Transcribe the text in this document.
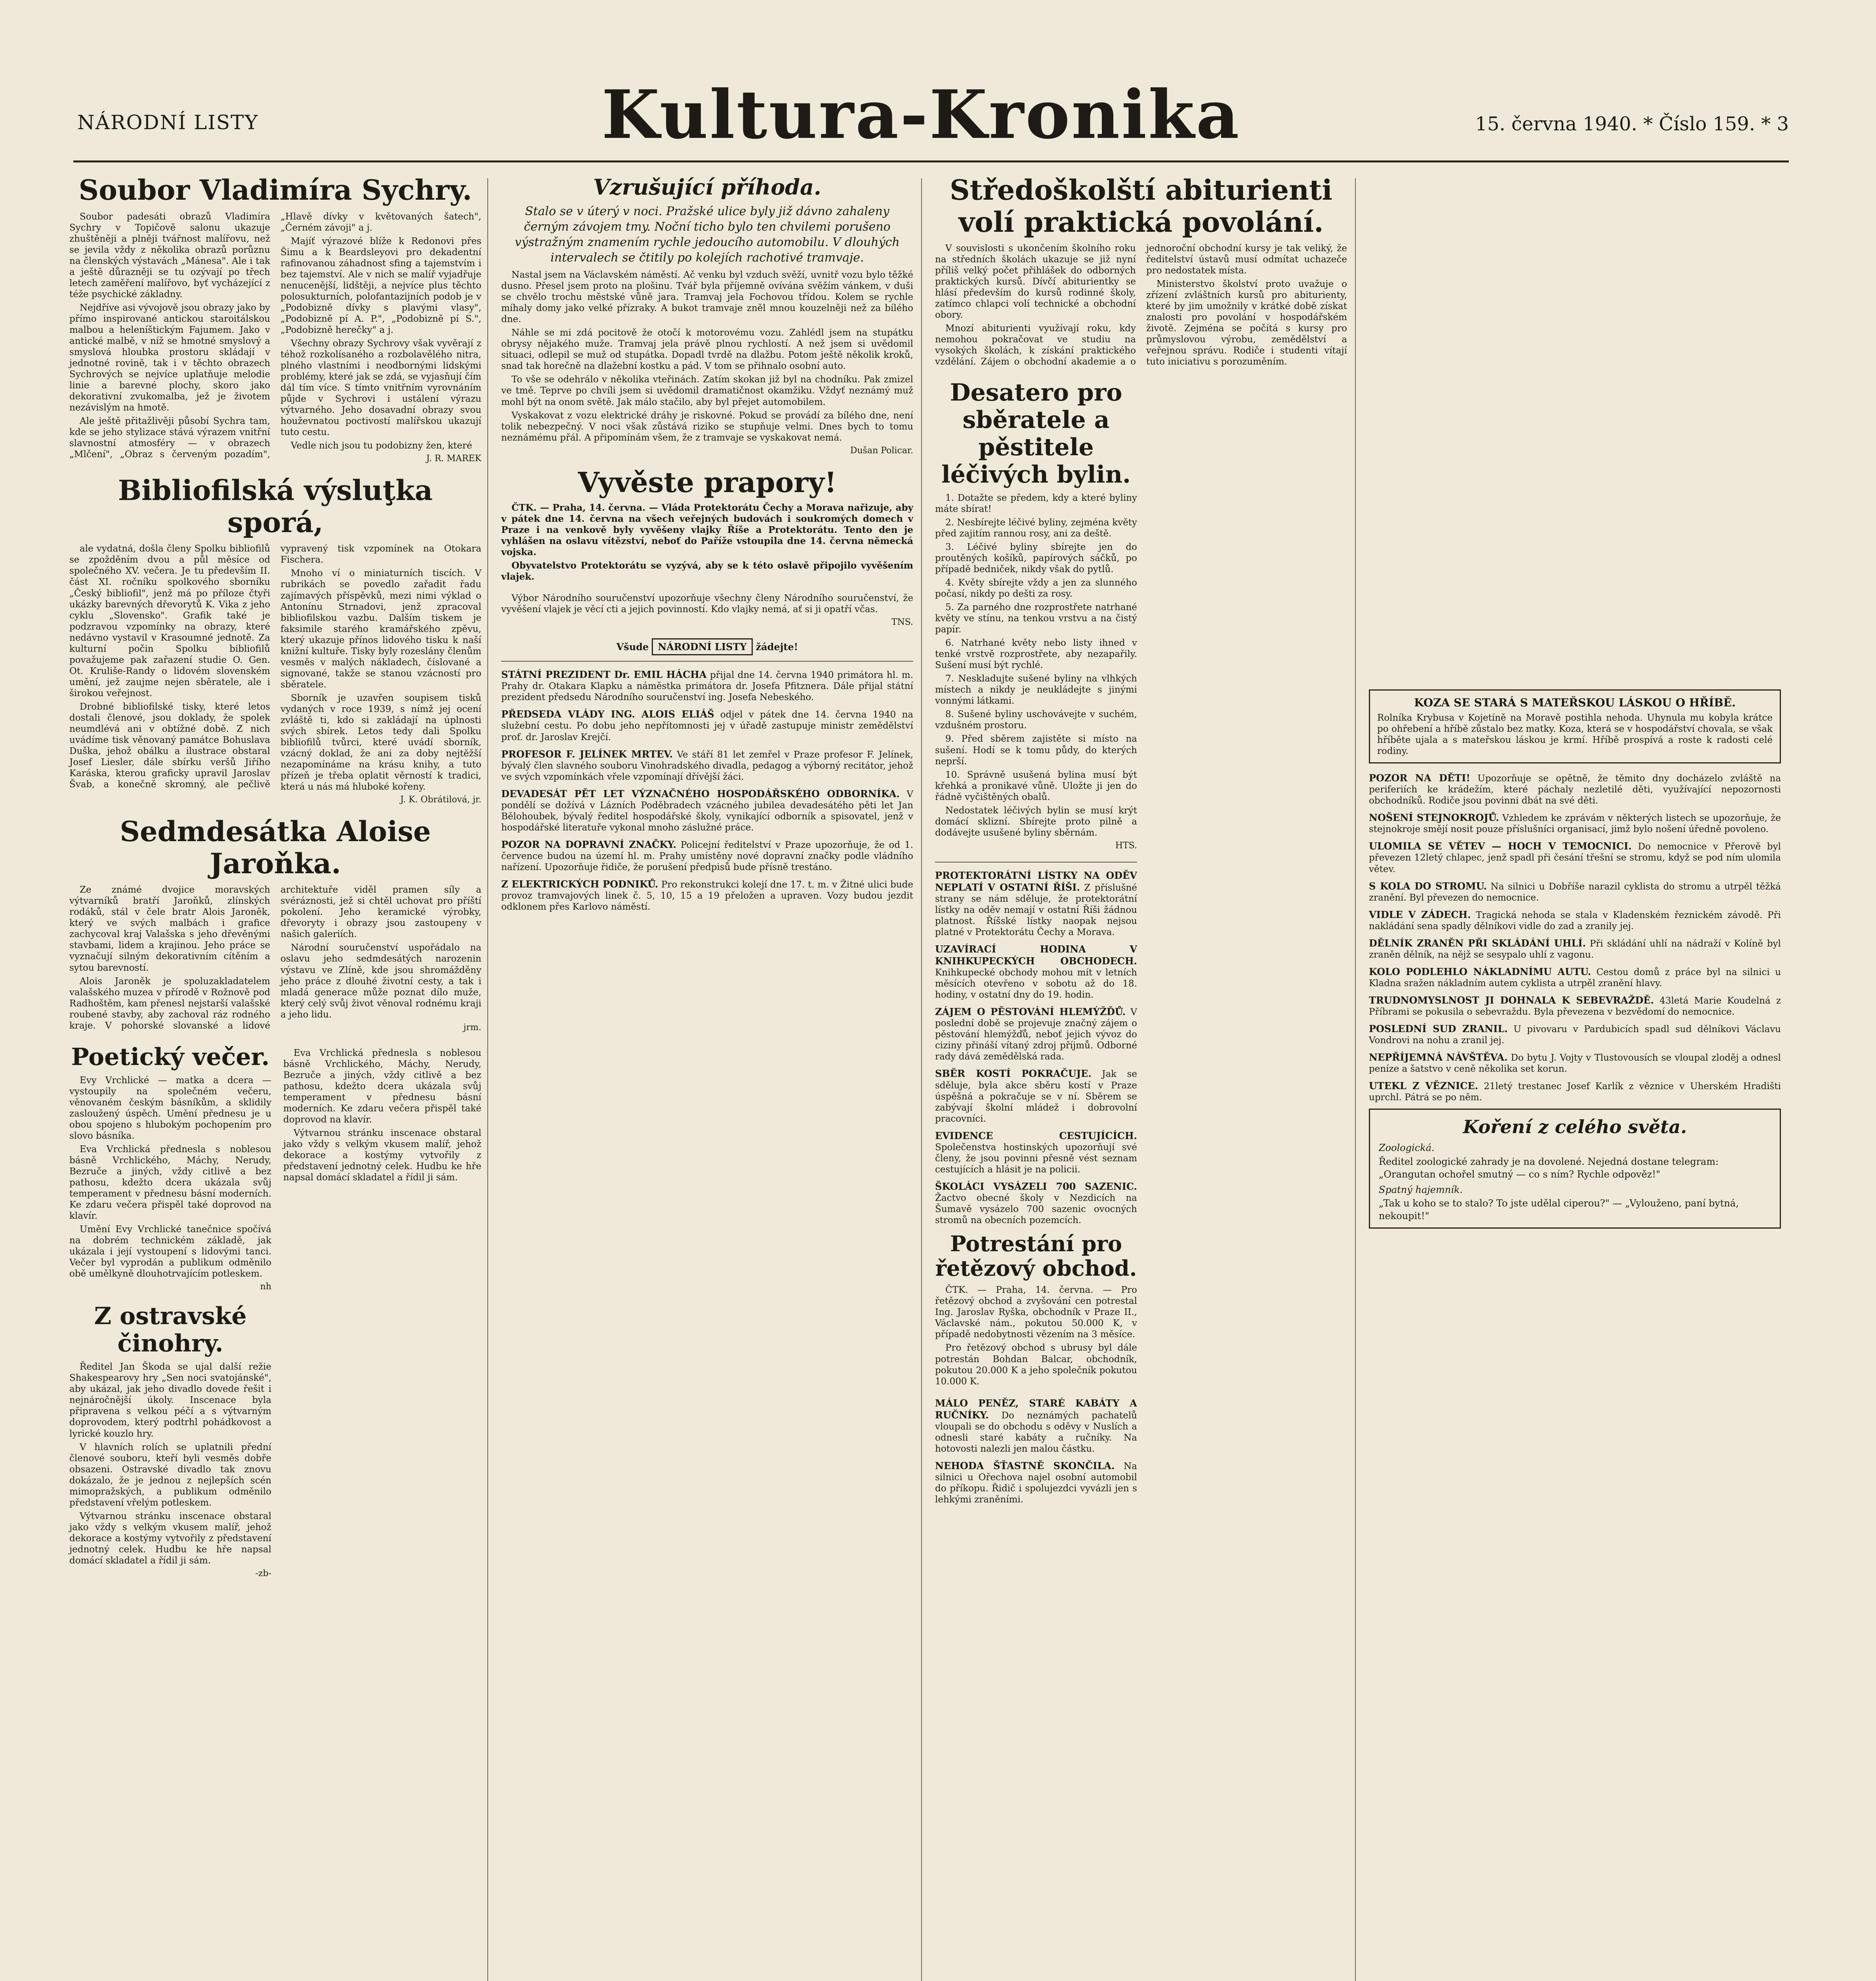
NÁRODNÍ LISTY	Kultura-Kronika	15. června 1940. * Číslo 159. * 3
Soubor Vladimíra Sychry.

Soubor padesáti obrazů Vladimíra Sychry v Topičově salonu ukazuje zhuštěněji a plněji tvářnost malířovu, než se jevila vždy z několika obrazů porůznu na členských výstavách „Mánesa". Ale i tak a ještě důrazněji se tu ozývají po třech letech zaměření malířovo, byť vycházející z téže psychické základny.

Nejdříve asi vývojově jsou obrazy jako by přímo inspirované antickou staroitálskou malbou a heleníštickým Fajumem. Jako v antické malbě, v níž se hmotné smyslový a smyslová hloubka prostoru skládají v jednotné rovině, tak i v těchto obrazech Sychrových se nejvíce uplatňuje melodie linie a barevné plochy, skoro jako dekorativní zvukomalba, jež je životem nezávislým na hmotě.

Ale ještě přitažlivěji působí Sychra tam, kde se jeho stylizace stává výrazem vnitřní slavnostní atmosféry — v obrazech „Mlčení", „Obraz s červeným pozadím", „Hlavě dívky v květovaných šatech", „Černém závoji" a j.

Majíť výrazové blíže k Redonovi přes Šimu a k Beardsleyovi pro dekadentní rafinovanou záhadnost sfing a tajemstvím i bez tajemství. Ale v nich se malíř vyjadřuje nenucenější, lidštěji, a nejvíce plus těchto polosukturních, polofantazijních podob je v „Podobizně dívky s plavými vlasy", „Podobizně pí A. P.", „Podobizně pí S.", „Podobizně herečky" a j.

Všechny obrazy Sychrovy však vyvěrají z téhož rozkolísaného a rozbolavělého nitra, plného vlastními i neodbornými lidskými problémy, které jak se zdá, se vyjasňují čím dál tím více. S tímto vnitřním vyrovnáním půjde v Sychrovi i ustálení výrazu výtvarného. Jeho dosavadní obrazy svou houževnatou poctivostí malířskou ukazují tuto cestu.

Vedle nich jsou tu podobizny žen, které

J. R. MAREK
Bibliofilská výsluţka sporá,

ale vydatná, došla členy Spolku bibliofilů se zpožděním dvou a půl měsíce od společného XV. večera. Je tu především II. část XI. ročníku spolkového sborníku „Český bibliofil", jenž má po příloze čtyři ukázky barevných dřevorytů K. Vika z jeho cyklu „Slovensko". Grafik také je podzravou vzpomínky na obrazy, které nedávno vystavil v Krasoumné jednotě. Za kulturní počin Spolku bibliofilů považujeme pak zařazení studie O. Gen. Ot. Kruliše-Randy o lidovém slovenském umění, jež zaujme nejen sběratele, ale i širokou veřejnost.

Drobné bibliofilské tisky, které letos dostali členové, jsou doklady, že spolek neumdlévá ani v obtížné době. Z nich uvádíme tisk věnovaný památce Bohuslava Duška, jehož obálku a ilustrace obstaral Josef Liesler, dále sbírku veršů Jiřího Karáska, kterou graficky upravil Jaroslav Švab, a konečně skromný, ale pečlivě vypravený tisk vzpomínek na Otokara Fischera.

Mnoho ví o miniaturních tiscích. V rubrikách se povedlo zařadit řadu zajímavých příspěvků, mezi nimi výklad o Antonínu Strnadovi, jenž zpracoval bibliofilskou vazbu. Dalším tiskem je faksimile starého kramářského zpěvu, který ukazuje přínos lidového tisku k naší knižní kultuře. Tisky byly rozeslány členům vesměs v malých nákladech, číslované a signované, takže se stanou vzácností pro sběratele.

Sborník je uzavřen soupisem tisků vydaných v roce 1939, s nímž jej ocení zvláště ti, kdo si zakládají na úplnosti svých sbírek. Letos tedy dali Spolku bibliofilů tvůrci, které uvádí sborník, vzácný doklad, že ani za doby nejtěžší nezapomínáme na krásu knihy, a tuto přízeň je třeba oplatit věrností k tradici, která u nás má hluboké kořeny.

J. K. Obrátilová, jr.
Sedmdesátka Aloise Jaroňka.

Ze známé dvojice moravských výtvarníků bratří Jaroňků, zlínských rodáků, stál v čele bratr Alois Jaroněk, který ve svých malbách i grafice zachycoval kraj Valašska s jeho dřevěnými stavbami, lidem a krajinou. Jeho práce se vyznačují silným dekorativním cítěním a sytou barevností.

Alois Jaroněk je spoluzakladatelem valašského muzea v přírodě v Rožnově pod Radhoštěm, kam přenesl nejstarší valašské roubené stavby, aby zachoval ráz rodného kraje. V pohorské slovanské a lidové architektuře viděl pramen síly a svéráznosti, jež si chtěl uchovat pro příští pokolení. Jeho keramické výrobky, dřevoryty i obrazy jsou zastoupeny v našich galeriích.

Národní souručenství uspořádalo na oslavu jeho sedmdesátých narozenin výstavu ve Zlíně, kde jsou shromážděny jeho práce z dlouhé životní cesty, a tak i mladá generace může poznat dílo muže, který celý svůj život věnoval rodnému kraji a jeho lidu.

jrm.
Poetický večer.

Evy Vrchlické — matka a dcera — vystoupily na společném večeru, věnovaném českým básníkům, a sklidily zasloužený úspěch. Umění přednesu je u obou spojeno s hlubokým pochopením pro slovo básníka.

Eva Vrchlická přednesla s noblesou básně Vrchlického, Máchy, Nerudy, Bezruče a jiných, vždy citlivě a bez pathosu, kdežto dcera ukázala svůj temperament v přednesu básní moderních. Ke zdaru večera přispěl také doprovod na klavír.

Umění Evy Vrchlické tanečnice spočívá na dobrém technickém základě, jak ukázala i její vystoupení s lidovými tanci. Večer byl vyprodán a publikum odměnilo obě umělkyně dlouhotrvajícím potleskem.

nh
Z ostravské činohry.

Ředitel Jan Škoda se ujal další režie Shakespearovy hry „Sen noci svatojánské", aby ukázal, jak jeho divadlo dovede řešit i nejnáročnější úkoly. Inscenace byla připravena s velkou péčí a s výtvarným doprovodem, který podtrhl pohádkovost a lyrické kouzlo hry.

V hlavních rolích se uplatnili přední členové souboru, kteří byli vesměs dobře obsazeni. Ostravské divadlo tak znovu dokázalo, že je jednou z nejlepších scén mimopražských, a publikum odměnilo představení vřelým potleskem.

Výtvarnou stránku inscenace obstaral jako vždy s velkým vkusem malíř, jehož dekorace a kostýmy vytvořily z představení jednotný celek. Hudbu ke hře napsal domácí skladatel a řídil ji sám.

-zb-

Eva Vrchlická přednesla s noblesou básně Vrchlického, Máchy, Nerudy, Bezruče a jiných, vždy citlivě a bez pathosu, kdežto dcera ukázala svůj temperament v přednesu básní moderních. Ke zdaru večera přispěl také doprovod na klavír.

Výtvarnou stránku inscenace obstaral jako vždy s velkým vkusem malíř, jehož dekorace a kostýmy vytvořily z představení jednotný celek. Hudbu ke hře napsal domácí skladatel a řídil ji sám.

Vzrušující příhoda.
Stalo se v úterý v noci. Pražské ulice byly již dávno zahaleny černým závojem tmy. Noční ticho bylo ten chvilemi porušeno výstražným znamením rychle jedoucího automobilu. V dlouhých intervalech se čtitily po kolejích rachotivé tramvaje.

Nastal jsem na Václavském náměstí. Ač venku byl vzduch svěží, uvnitř vozu bylo těžké dusno. Přesel jsem proto na plošinu. Tvář byla příjemně ovívána svěžím vánkem, v duši se chvělo trochu městské vůně jara. Tramvaj jela Fochovou třídou. Kolem se rychle míhaly domy jako velké přízraky. A bukot tramvaje zněl mnou kouzelněji než za bílého dne.

Náhle se mi zdá pocitově že otočí k motorovému vozu. Zahlédl jsem na stupátku obrysy nějakého muže. Tramvaj jela právě plnou rychlostí. A než jsem si uvědomil situaci, odlepil se muž od stupátka. Dopadl tvrdě na dlažbu. Potom ještě několik kroků, snad tak horečně na dlažební kostku a pád. V tom se přihnalo osobní auto.

To vše se odehrálo v několika vteřinách. Zatím skokan již byl na chodníku. Pak zmizel ve tmě. Teprve po chvíli jsem si uvědomil dramatičnost okamžiku. Vždyť neznámý muž mohl být na onom světě. Jak málo stačilo, aby byl přejet automobilem.

Vyskakovat z vozu elektrické dráhy je riskovné. Pokud se provádí za bílého dne, není tolik nebezpečný. V noci však zůstává riziko se stupňuje velmi. Dnes bych to tomu neznámému přál. A připomínám všem, že z tramvaje se vyskakovat nemá.

Dušan Policar.
Vyvěste prapory!

ČTK. — Praha, 14. června. — Vláda Protektorátu Čechy a Morava nařizuje, aby v pátek dne 14. června na všech veřejných budovách i soukromých domech v Praze i na venkově byly vyvěšeny vlajky Říše a Protektorátu. Tento den je vyhlášen na oslavu vítězství, neboť do Paříže vstoupila dne 14. června německá vojska.

Obyvatelstvo Protektorátu se vyzývá, aby se k této oslavě připojilo vyvěšením vlajek.

Výbor Národního souručenství upozorňuje všechny členy Národního souručenství, že vyvěšení vlajek je věcí cti a jejich povinností. Kdo vlajky nemá, ať si ji opatří včas.

TNS.
Všude NÁRODNÍ LISTY žádejte!

STÁTNÍ PREZIDENT Dr. EMIL HÁCHA přijal dne 14. června 1940 primátora hl. m. Prahy dr. Otakara Klapku a náměstka primátora dr. Josefa Pfitznera. Dále přijal státní prezident předsedu Národního souručenství ing. Josefa Nebeského.

PŘEDSEDA VLÁDY ING. ALOIS ELIÁŠ odjel v pátek dne 14. června 1940 na služební cestu. Po dobu jeho nepřítomnosti jej v úřadě zastupuje ministr zemědělství prof. dr. Jaroslav Krejčí.

PROFESOR F. JELÍNEK MRTEV. Ve stáří 81 let zemřel v Praze profesor F. Jelínek, bývalý člen slavného souboru Vinohradského divadla, pedagog a výborný recitátor, jehož ve svých vzpomínkách vřele vzpomínají dřívější žáci.

DEVADESÁT PĚT LET VÝZNAČNÉHO HOSPODÁŘSKÉHO ODBORNÍKA. V pondělí se dožívá v Lázních Poděbradech vzácného jubilea devadesátého pěti let Jan Bělohoubek, bývalý ředitel hospodářské školy, vynikající odborník a spisovatel, jenž v hospodářské literatuře vykonal mnoho záslužné práce.

POZOR NA DOPRAVNÍ ZNAČKY. Policejní ředitelství v Praze upozorňuje, že od 1. července budou na území hl. m. Prahy umístěny nové dopravní značky podle vládního nařízení. Upozorňuje řidiče, že porušení předpisů bude přísně trestáno.

Z ELEKTRICKÝCH PODNIKŮ. Pro rekonstrukci kolejí dne 17. t. m. v Žitné ulici bude provoz tramvajových linek č. 5, 10, 15 a 19 přeložen a upraven. Vozy budou jezdit odklonem přes Karlovo náměstí.

Středoškolští abiturienti volí praktická povolání.

V souvislosti s ukončením školního roku na středních školách ukazuje se již nyní příliš velký počet přihlášek do odborných praktických kursů. Dívčí abiturientky se hlásí především do kursů rodinné školy, zatímco chlapci volí technické a obchodní obory.

Mnozí abiturienti využívají roku, kdy nemohou pokračovat ve studiu na vysokých školách, k získání praktického vzdělání. Zájem o obchodní akademie a o jednoroční obchodní kursy je tak veliký, že ředitelství ústavů musí odmítat uchazeče pro nedostatek místa.

Ministerstvo školství proto uvažuje o zřízení zvláštních kursů pro abiturienty, které by jim umožnily v krátké době získat znalosti pro povolání v hospodářském životě. Zejména se počítá s kursy pro průmyslovou výrobu, zemědělství a veřejnou správu. Rodiče i studenti vítají tuto iniciativu s porozuměním.

Desatero pro sběratele a pěstitele léčivých bylin.

1. Dotažte se předem, kdy a které byliny máte sbírat!

2. Nesbírejte léčivé byliny, zejména květy před zajitím rannou rosy, ani za deště.

3. Léčivé byliny sbírejte jen do proutěných košíků, papírových sáčků, po případě bedniček, nikdy však do pytlů.

4. Květy sbírejte vždy a jen za slunného počasí, nikdy po dešti za rosy.

5. Za parného dne rozprostřete natrhané květy ve stínu, na tenkou vrstvu a na čistý papír.

6. Natrhané květy nebo listy ihned v tenké vrstvě rozprostřete, aby nezapařily. Sušení musí být rychlé.

7. Neskladujte sušené byliny na vlhkých místech a nikdy je neukládejte s jinými vonnými látkami.

8. Sušené byliny uschovávejte v suchém, vzdušném prostoru.

9. Před sběrem zajistěte si místo na sušení. Hodí se k tomu půdy, do kterých neprší.

10. Správně usušená bylina musí být křehká a pronikavé vůně. Uložte ji jen do řádně vyčištěných obalů.

Nedostatek léčivých bylin se musí krýt domácí sklizní. Sbírejte proto pilně a dodávejte usušené byliny sběrnám.

HTS.

PROTEKTORÁTNÍ LÍSTKY NA ODĚV NEPLATÍ V OSTATNÍ ŘÍŠI. Z příslušné strany se nám sděluje, že protektorátní lístky na oděv nemají v ostatní Říši žádnou platnost. Říšské lístky naopak nejsou platné v Protektorátu Čechy a Morava.

UZAVÍRACÍ HODINA V KNIHKUPECKÝCH OBCHODECH. Knihkupecké obchody mohou mít v letních měsících otevřeno v sobotu až do 18. hodiny, v ostatní dny do 19. hodin.

ZÁJEM O PĚSTOVÁNÍ HLEMÝŽĎŮ. V poslední době se projevuje značný zájem o pěstování hlemýžďů, neboť jejich vývoz do ciziny přináší vítaný zdroj příjmů. Odborné rady dává zemědělská rada.

SBĚR KOSTÍ POKRAČUJE. Jak se sděluje, byla akce sběru kostí v Praze úspěšná a pokračuje se v ní. Sběrem se zabývají školní mládež i dobrovolní pracovníci.

EVIDENCE CESTUJÍCÍCH. Společenstva hostinských upozorňují své členy, že jsou povinni přesně vést seznam cestujících a hlásit je na policii.

ŠKOLÁCI VYSÁZELI 700 SAZENIC. Žactvo obecné školy v Nezdicích na Šumavě vysázelo 700 sazenic ovocných stromů na obecních pozemcích.

Potrestání pro řetězový obchod.

ČTK. — Praha, 14. června. — Pro řetězový obchod a zvyšování cen potrestal Ing. Jaroslav Ryška, obchodník v Praze II., Václavské nám., pokutou 50.000 K, v případě nedobytnosti vězením na 3 měsíce.

Pro řetězový obchod s ubrusy byl dále potrestán Bohdan Balcar, obchodník, pokutou 20.000 K a jeho společník pokutou 10.000 K.

MÁLO PENĚZ, STARÉ KABÁTY A RUČNÍKY. Do neznámých pachatelů vloupali se do obchodu s oděvy v Nuslích a odnesli staré kabáty a ručníky. Na hotovosti nalezli jen malou částku.

NEHODA ŠŤASTNĚ SKONČILA. Na silnici u Ořechova najel osobní automobil do příkopu. Řidič i spolujezdci vyvázli jen s lehkými zraněními.

KOZA SE STARÁ S MATEŘSKOU LÁSKOU O HŘÍBĚ.
Rolníka Krybusa v Kojetíně na Moravě postihla nehoda. Uhynula mu kobyla krátce po ohřebení a hříbě zůstalo bez matky. Koza, která se v hospodářství chovala, se však hříběte ujala a s mateřskou láskou je krmí. Hříbě prospívá a roste k radosti celé rodiny.

POZOR NA DĚTI! Upozorňuje se opětně, že těmito dny docházelo zvláště na periferiích ke krádežím, které páchaly nezletilé děti, využívající nepozornosti obchodníků. Rodiče jsou povinni dbát na své děti.

NOŠENÍ STEJNOKROJŮ. Vzhledem ke zprávám v některých listech se upozorňuje, že stejnokroje smějí nosit pouze příslušníci organisací, jimž bylo nošení úředně povoleno.

ULOMILA SE VĚTEV — HOCH V TEMOCNICI. Do nemocnice v Přerově byl převezen 12letý chlapec, jenž spadl při česání třešní se stromu, když se pod ním ulomila větev.

S KOLA DO STROMU. Na silnici u Dobříše narazil cyklista do stromu a utrpěl těžká zranění. Byl převezen do nemocnice.

VIDLE V ZÁDECH. Tragická nehoda se stala v Kladenském řeznickém závodě. Při nakládání sena spadly dělníkovi vidle do zad a zranily jej.

DĚLNÍK ZRANĚN PŘI SKLÁDÁNÍ UHLÍ. Při skládání uhlí na nádraží v Kolíně byl zraněn dělník, na nějž se sesypalo uhlí z vagonu.

KOLO PODLEHLO NÁKLADNÍMU AUTU. Cestou domů z práce byl na silnici u Kladna sražen nákladním autem cyklista a utrpěl zranění hlavy.

TRUDNOMYSLNOST JI DOHNALA K SEBEVRAŽDĚ. 43letá Marie Koudelná z Příbrami se pokusila o sebevraždu. Byla převezena v bezvědomí do nemocnice.

POSLEDNÍ SUD ZRANIL. U pivovaru v Pardubicích spadl sud dělníkovi Václavu Vondrovi na nohu a zranil jej.

NEPŘÍJEMNÁ NÁVŠTĚVA. Do bytu J. Vojty v Tlustovousích se vloupal zloděj a odnesl peníze a šatstvo v ceně několika set korun.

UTEKL Z VĚZNICE. 21letý trestanec Josef Karlík z věznice v Uherském Hradišti uprchl. Pátrá se po něm.

Koření z celého světa.
Zoologická.
Ředitel zoologické zahrady je na dovolené. Nejedná dostane telegram: „Orangutan ochořel smutný — co s ním? Rychle odpověz!"
Spatný hajemník.
„Tak u koho se to stalo? To jste udělal ciperou?" — „Vylouženo, paní bytná, nekoupit!"
